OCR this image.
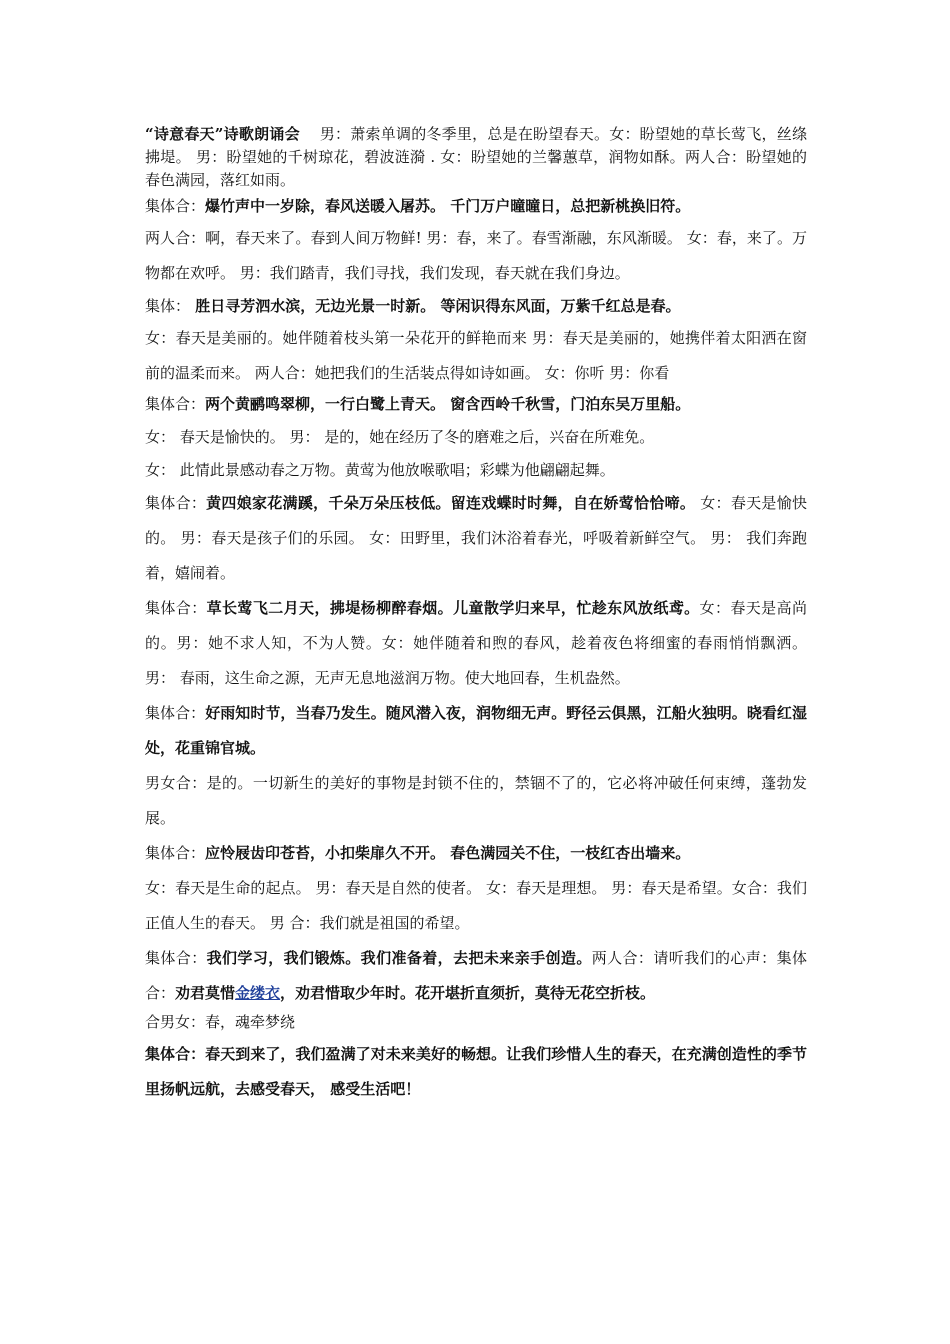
“诗意春天”诗歌朗诵会 男：萧索单调的冬季里，总是在盼望春天。女：盼望她的草长莺飞，丝绦拂堤。 男：盼望她的千树琼花，碧波涟漪 . 女：盼望她的兰馨蕙草，润物如酥。两人合：盼望她的春色满园，落红如雨。

集体合：爆竹声中一岁除，春风送暖入屠苏。 千门万户曈曈日，总把新桃换旧符。

两人合：啊，春天来了。春到人间万物鲜! 男：春，来了。春雪渐融，东风渐暖。 女：春，来了。万物都在欢呼。 男：我们踏青，我们寻找，我们发现，春天就在我们身边。

集体： 胜日寻芳泗水滨，无边光景一时新。 等闲识得东风面，万紫千红总是春。

女：春天是美丽的。她伴随着枝头第一朵花开的鲜艳而来 男：春天是美丽的，她携伴着太阳洒在窗前的温柔而来。 两人合：她把我们的生活装点得如诗如画。 女：你听 男：你看

集体合：两个黄鹂鸣翠柳，一行白鹭上青天。 窗含西岭千秋雪，门泊东吴万里船。

女： 春天是愉快的。 男： 是的，她在经历了冬的磨难之后，兴奋在所难免。

女： 此情此景感动春之万物。黄莺为他放喉歌唱；彩蝶为他翩翩起舞。

集体合：黄四娘家花满蹊，千朵万朵压枝低。留连戏蝶时时舞，自在娇莺恰恰啼。 女：春天是愉快的。 男：春天是孩子们的乐园。 女：田野里，我们沐浴着春光，呼吸着新鲜空气。 男： 我们奔跑着，嬉闹着。

集体合：草长莺飞二月天，拂堤杨柳醉春烟。儿童散学归来早，忙趁东风放纸鸢。女：春天是高尚的。男：她不求人知，不为人赞。女：她伴随着和煦的春风，趁着夜色将细蜜的春雨悄悄飘洒。 男： 春雨，这生命之源，无声无息地滋润万物。使大地回春，生机盎然。

集体合：好雨知时节，当春乃发生。随风潜入夜，润物细无声。野径云俱黑，江船火独明。晓看红湿处，花重锦官城。

男女合：是的。一切新生的美好的事物是封锁不住的，禁锢不了的，它必将冲破任何束缚，蓬勃发展。

集体合：应怜屐齿印苍苔，小扣柴扉久不开。 春色满园关不住，一枝红杏出墙来。

女：春天是生命的起点。 男：春天是自然的使者。 女：春天是理想。 男：春天是希望。女合：我们正值人生的春天。 男 合：我们就是祖国的希望。

集体合：我们学习，我们锻炼。我们准备着，去把未来亲手创造。两人合：请听我们的心声：集体合：劝君莫惜金缕衣，劝君惜取少年时。花开堪折直须折，莫待无花空折枝。

合男女：春，魂牵梦绕

集体合：春天到来了，我们盈满了对未来美好的畅想。让我们珍惜人生的春天，在充满创造性的季节里扬帆远航，去感受春天， 感受生活吧！
